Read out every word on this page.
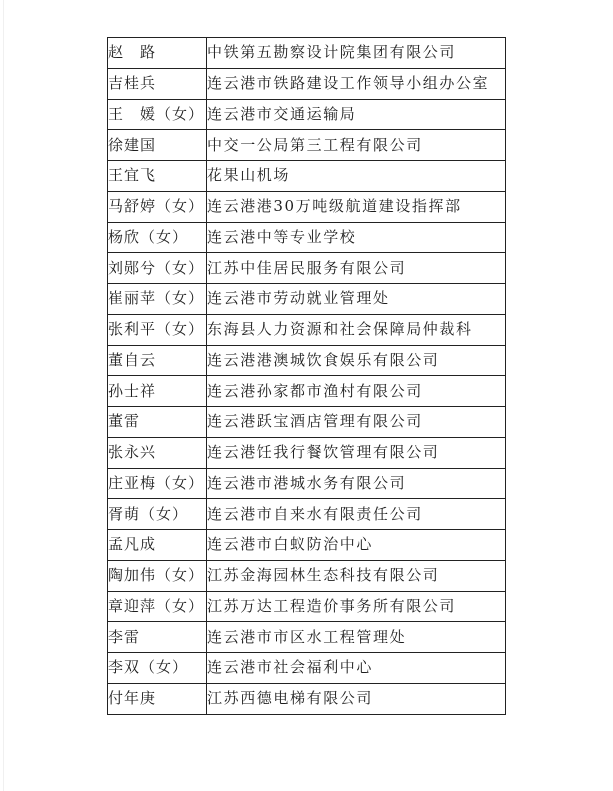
赵　路	中铁第五勘察设计院集团有限公司
吉桂兵	连云港市铁路建设工作领导小组办公室
王　媛（女）	连云港市交通运输局
徐建国	中交一公局第三工程有限公司
王宜飞	花果山机场
马舒婷（女）	连云港港30万吨级航道建设指挥部
杨欣（女）	连云港中等专业学校
刘郧兮（女）	江苏中佳居民服务有限公司
崔丽苹（女）	连云港市劳动就业管理处
张利平（女）	东海县人力资源和社会保障局仲裁科
董自云	连云港港澳城饮食娱乐有限公司
孙士祥	连云港孙家都市渔村有限公司
董雷	连云港跃宝酒店管理有限公司
张永兴	连云港饪我行餐饮管理有限公司
庄亚梅（女）	连云港市港城水务有限公司
胥萌（女）	连云港市自来水有限责任公司
孟凡成	连云港市白蚁防治中心
陶加伟（女）	江苏金海园林生态科技有限公司
章迎萍（女）	江苏万达工程造价事务所有限公司
李雷	连云港市市区水工程管理处
李双（女）	连云港市社会福利中心
付年庚	江苏西德电梯有限公司
